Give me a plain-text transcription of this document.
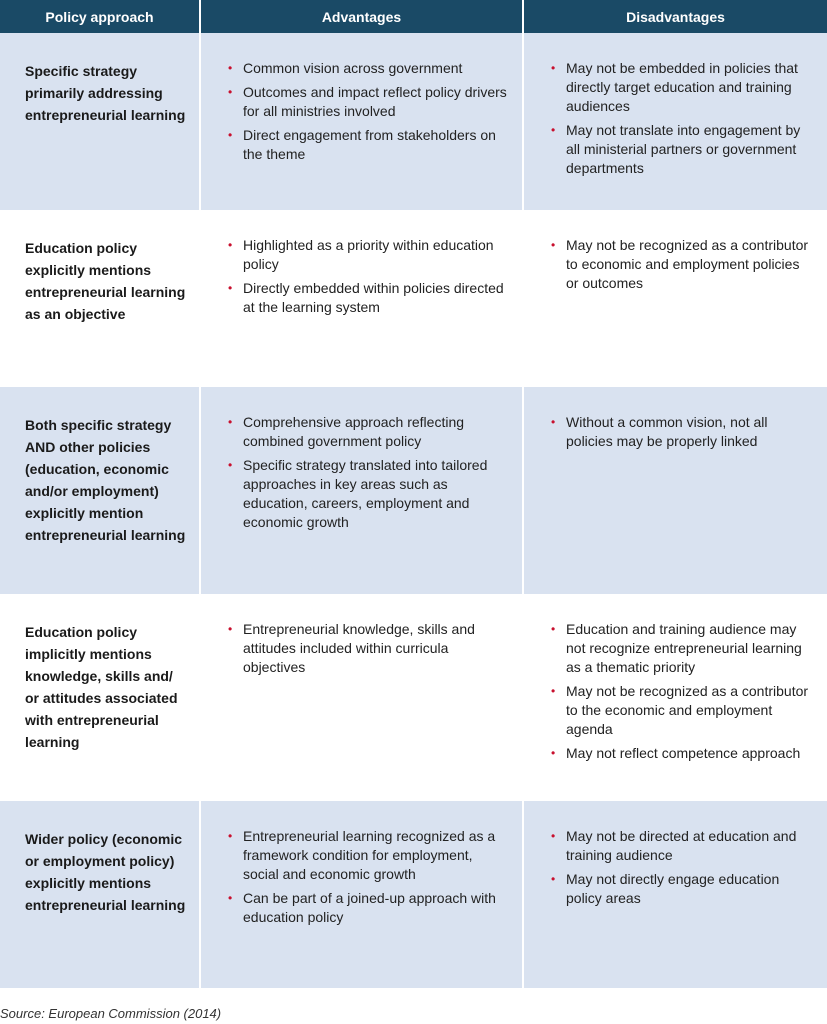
Policy approach	Advantages	Disadvantages
Specific strategy primarily addressing entrepreneurial learning
• Common vision across government
• Outcomes and impact reflect policy drivers for all ministries involved
• Direct engagement from stakeholders on the theme
• May not be embedded in policies that directly target education and training audiences
• May not translate into engagement by all ministerial partners or government departments
Education policy explicitly mentions entrepreneurial learning as an objective
• Highlighted as a priority within education policy
• Directly embedded within policies directed at the learning system
• May not be recognized as a contributor to economic and employment policies or outcomes
Both specific strategy AND other policies (education, economic and/or employment) explicitly mention entrepreneurial learning
• Comprehensive approach reflecting combined government policy
• Specific strategy translated into tailored approaches in key areas such as education, careers, employment and economic growth
• Without a common vision, not all policies may be properly linked
Education policy implicitly mentions knowledge, skills and/ or attitudes associated with entrepreneurial learning
• Entrepreneurial knowledge, skills and attitudes included within curricula objectives
• Education and training audience may not recognize entrepreneurial learning as a thematic priority
• May not be recognized as a contributor to the economic and employment agenda
• May not reflect competence approach
Wider policy (economic or employment policy) explicitly mentions entrepreneurial learning
• Entrepreneurial learning recognized as a framework condition for employment, social and economic growth
• Can be part of a joined-up approach with education policy
• May not be directed at education and training audience
• May not directly engage education policy areas
Source: European Commission (2014)
